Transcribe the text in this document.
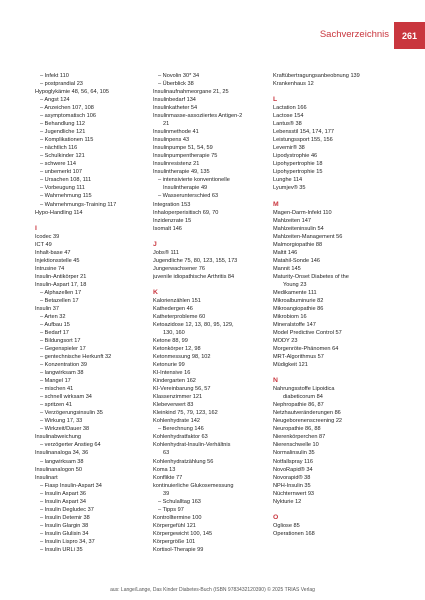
Sachverzeichnis	261
– Infekt 110
– postprandial 23
Hypoglykämie 48, 56, 64, 105
– Angst 124
– Anzeichen 107, 108
– asymptomatisch 106
– Behandlung 112
– Jugendliche 121
– Komplikationen 115
– nächtlich 116
– Schulkinder 121
– schwere 114
– unbemerkt 107
– Ursachen 108, 111
– Vorbeugung 111
– Wahrnehmung 115
– Wahrnehmungs-Training 117
Hypo-Handling 114
I
Icodec 39
ICT 49
Inhalt-base 47
Injektionsstelle 45
Intrusine 74
Insulin-Antikörper 21
Insulin-Aspart 17, 18
– Alphazellen 17
– Betazellen 17
Insulin 37
– Arten 32
– Aufbau 15
– Bedarf 17
– Bildungsort 17
– Gegenspieler 17
– gentechnische Herkunft 32
– Konzentration 39
– langwirksam 38
– Mangel 17
– mischen 41
– schnell wirksam 34
– spritzen 41
– Verzögerungsinsulin 35
– Wirkung 17, 33
– Wirkzeit/Dauer 38
Insulinabweichung
– verzögerter Anstieg 64
Insulinanaloga 34, 36
– langwirksam 38
Insulinanalogon 50
Insulinart
– Fiasp Insulin-Aspart 34
– Insulin Aspart 36
– Insulin Aspart 34
– Insulin Degludec 37
– Insulin Detemir 38
– Insulin Glargin 38
– Insulin Glulisin 34
– Insulin Lispro 34, 37
– Insulin URLi 35
– Novolin 30* 34
– Überblick 38
Insulinaufnahmeorgane 21, 25
Insulinbedarf 134
Insulinkatheter 54
Insulinmasse-assoziiertes Antigen-2
21
Insulinmethode 41
Insulinpens 43
Insulinpumpe 51, 54, 59
Insulinpumpentherapie 75
Insulinresistenz 21
Insulintherapie 49, 135
– intensivierte konventionelle
Insulintherapie 49
– Wasserunterschied 63
Integration 153
Inhaloperperisitisch 69, 70
Inzidenzrate 15
Isomalt 146
J
Jobs® 111
Jugendliche 75, 80, 123, 155, 173
Jungerwachsener 76
juvenile idiopathische Arthritis 84
K
Kalorienzählen 151
Kathedergen 46
Katheterprobleme 60
Ketoazidose 12, 13, 80, 95, 129,
130, 160
Ketone 88, 99
Ketonkörper 12, 98
Ketonmessung 98, 102
Ketonurie 99
KI-Intensive 16
Kindergarten 162
KI-Vereinbarung 56, 57
Klassenzimmer 121
Klebeverwert 83
Kleinkind 75, 79, 123, 162
Kohlenhydrate 142
– Berechnung 146
Kohlenhydratfaktor 63
Kohlenhydrat-Insulin-Verhältnis
63
Kohlenhydratzählung 56
Koma 13
Konflikte 77
kontinuierliche Glukosemessung
39
– Schulalltag 163
– Tipps 97
Kontrolltermine 100
Körpergefühl 121
Körpergewicht 100, 145
Körpergröße 101
Kortisol-Therapie 99
Kraftübertragungsanbeobnung 139
Krankenhaus 12
L
Lactation 166
Lactose 154
Lantus® 38
Lebensstil 154, 174, 177
Leistungssport 155, 156
Levemir® 38
Lipodystrophie 46
Lipohypertrophie 18
Lipohypertrophie 15
Lunghe 114
Lyumjev® 35
M
Magen-Darm-Infekt 110
Mahlzeiten 147
Mahlzeiteninsulin 54
Mahlzeiten-Management 56
Malmorgiopathie 88
Maltit 146
Matahil-Sonde 146
Mannit 145
Maturity-Onset Diabetes of the
Young 23
Medikamente 111
Mikroalbuminurie 82
Mikroangiopathie 86
Mikrobiom 16
Mineralstoffe 147
Model Predictive Control 57
MODY 23
Morgenröte-Phänomen 64
MRT-Algorithmus 57
Müdigkeit 121
N
Nahrungsstoffe Lipoidica
diabeticorum 84
Nephropathie 86, 87
Netzhautveränderungen 86
Neugeborenenscreening 22
Neuropathie 86, 88
Nierenkörperchen 87
Nierenschwelle 10
Normalinsulin 35
Notfallspray 116
NovoRapid® 34
Novorapid® 38
NPH-Insulin 35
Nüchternwert 93
Nykturie 12
O
Ogliose 85
Operationen 168
aus: Lange/Lange, Das Kinder Diabetes-Buch (ISBN 9783432120390) © 2025 TRIAS Verlag
